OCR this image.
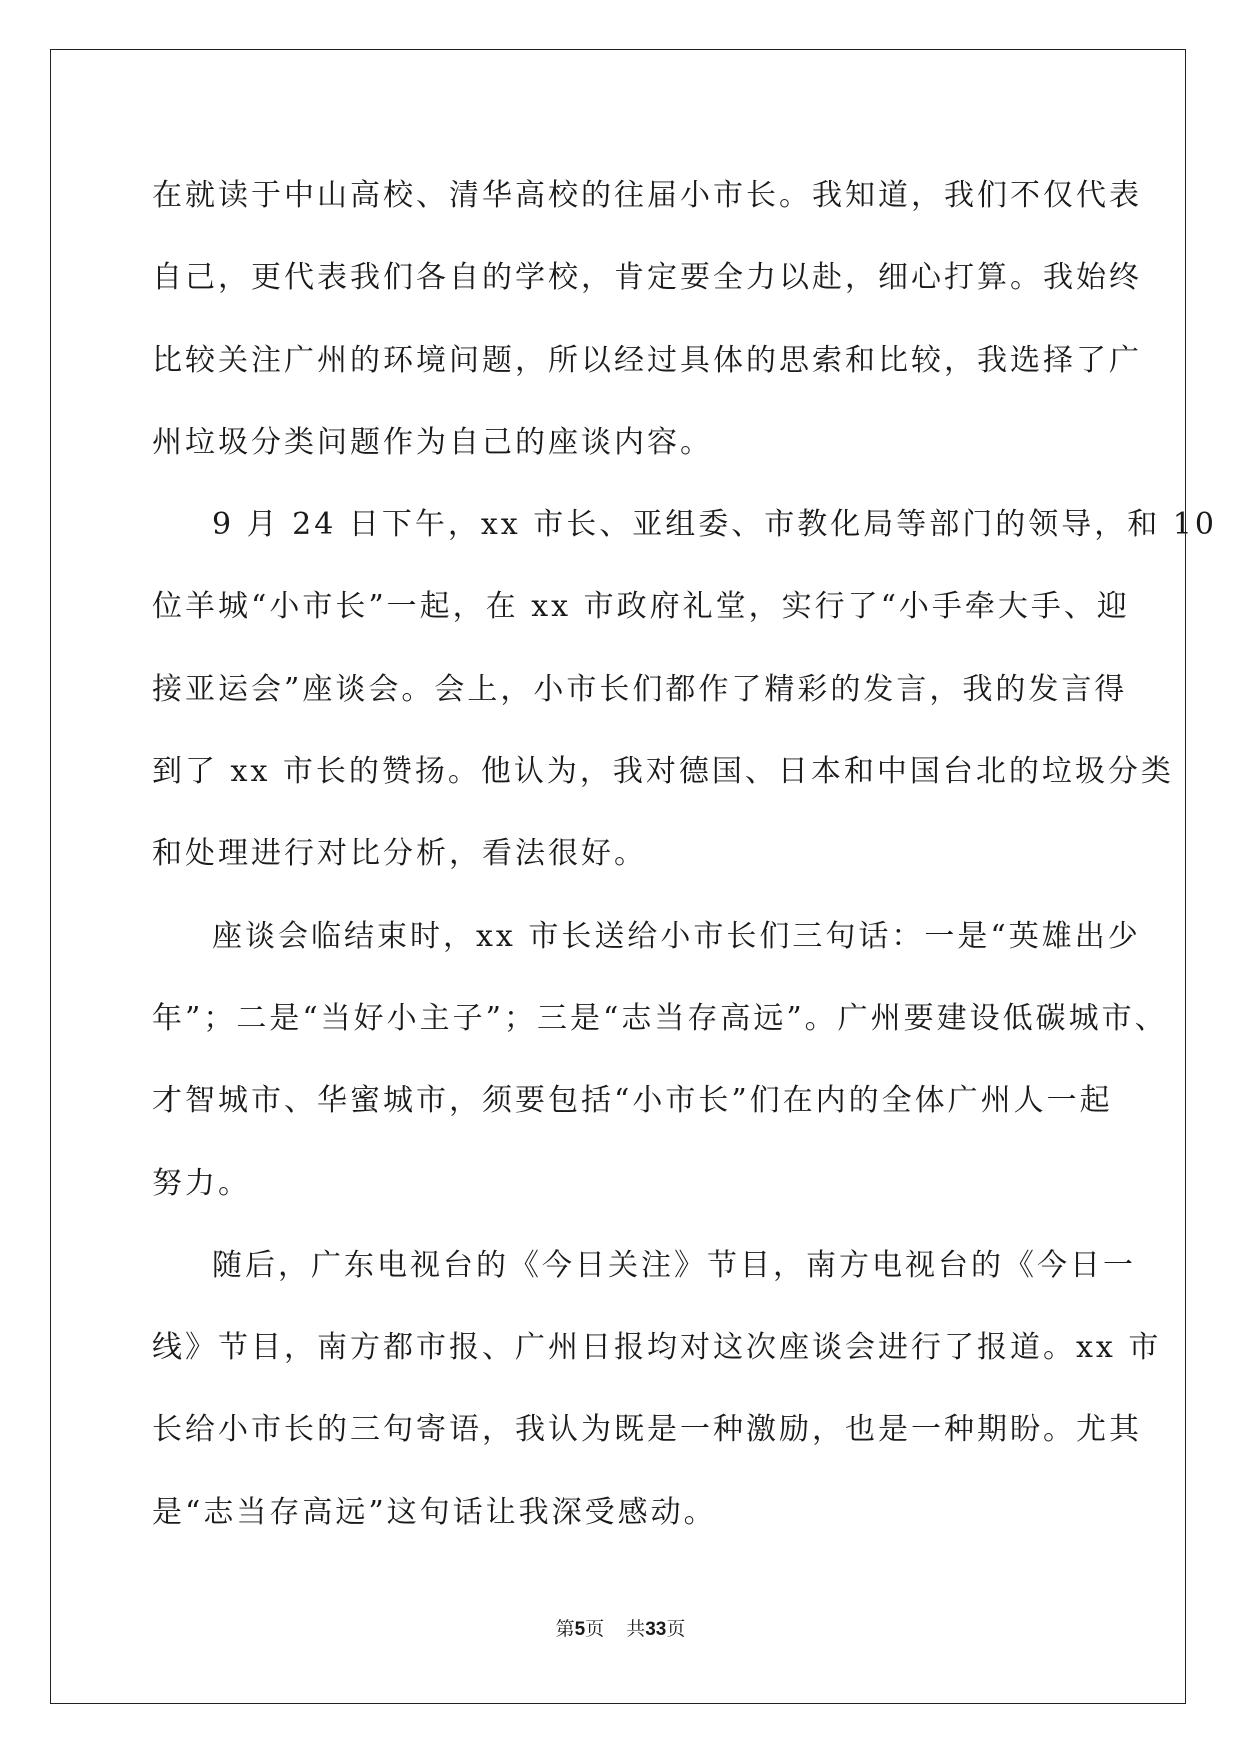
在就读于中山高校、清华高校的往届小市长。我知道，我们不仅代表
自己，更代表我们各自的学校，肯定要全力以赴，细心打算。我始终
比较关注广州的环境问题，所以经过具体的思索和比较，我选择了广
州垃圾分类问题作为自己的座谈内容。
9 月 24 日下午，xx 市长、亚组委、市教化局等部门的领导，和 10
位羊城“小市长”一起，在 xx 市政府礼堂，实行了“小手牵大手、迎
接亚运会”座谈会。会上，小市长们都作了精彩的发言，我的发言得
到了 xx 市长的赞扬。他认为，我对德国、日本和中国台北的垃圾分类
和处理进行对比分析，看法很好。
座谈会临结束时，xx 市长送给小市长们三句话：一是“英雄出少
年”；二是“当好小主子”；三是“志当存高远”。广州要建设低碳城市、
才智城市、华蜜城市，须要包括“小市长”们在内的全体广州人一起
努力。
随后，广东电视台的《今日关注》节目，南方电视台的《今日一
线》节目，南方都市报、广州日报均对这次座谈会进行了报道。xx 市
长给小市长的三句寄语，我认为既是一种激励，也是一种期盼。尤其
是“志当存高远”这句话让我深受感动。
第5页 共33页
